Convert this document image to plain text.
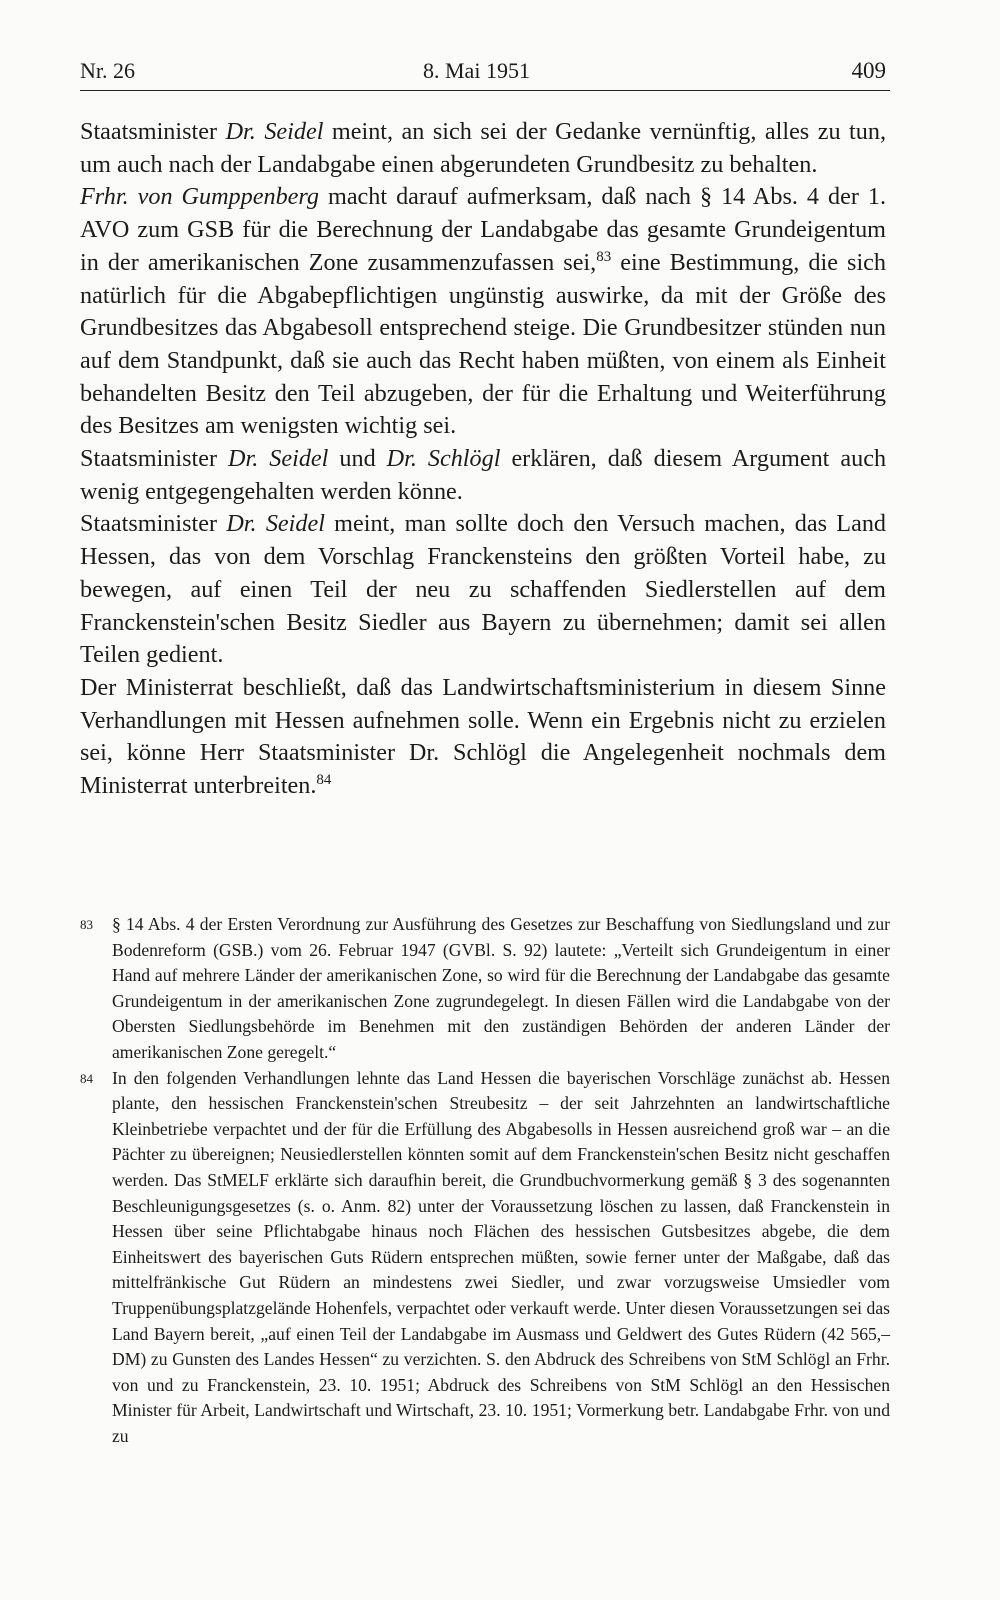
Nr. 26	8. Mai 1951	409

Staatsminister Dr. Seidel meint, an sich sei der Gedanke vernünftig, alles zu tun, um auch nach der Landabgabe einen abgerundeten Grundbesitz zu behalten.

Frhr. von Gumppenberg macht darauf aufmerksam, daß nach § 14 Abs. 4 der 1. AVO zum GSB für die Berechnung der Landabgabe das gesamte Grundeigentum in der amerikanischen Zone zusammenzufassen sei,$^{83}$ eine Bestimmung, die sich natürlich für die Abgabepflichtigen ungünstig auswirke, da mit der Größe des Grundbesitzes das Abgabesoll entsprechend steige. Die Grundbesitzer stünden nun auf dem Standpunkt, daß sie auch das Recht haben müßten, von einem als Einheit behandelten Besitz den Teil abzugeben, der für die Erhaltung und Weiterführung des Besitzes am wenigsten wichtig sei.

Staatsminister Dr. Seidel und Dr. Schlögl erklären, daß diesem Argument auch wenig entgegengehalten werden könne.

Staatsminister Dr. Seidel meint, man sollte doch den Versuch machen, das Land Hessen, das von dem Vorschlag Franckensteins den größten Vorteil habe, zu bewegen, auf einen Teil der neu zu schaffenden Siedlerstellen auf dem Franckenstein'schen Besitz Siedler aus Bayern zu übernehmen; damit sei allen Teilen gedient.

Der Ministerrat beschließt, daß das Landwirtschaftsministerium in diesem Sinne Verhandlungen mit Hessen aufnehmen solle. Wenn ein Ergebnis nicht zu erzielen sei, könne Herr Staatsminister Dr. Schlögl die Angelegenheit nochmals dem Ministerrat unterbreiten.$^{84}$

83 § 14 Abs. 4 der Ersten Verordnung zur Ausführung des Gesetzes zur Beschaffung von Siedlungsland und zur Bodenreform (GSB.) vom 26. Februar 1947 (GVBl. S. 92) lautete: „Verteilt sich Grundeigentum in einer Hand auf mehrere Länder der amerikanischen Zone, so wird für die Berechnung der Landabgabe das gesamte Grundeigentum in der amerikanischen Zone zugrundegelegt. In diesen Fällen wird die Landabgabe von der Obersten Siedlungsbehörde im Benehmen mit den zuständigen Behörden der anderen Länder der amerikanischen Zone geregelt.“

84 In den folgenden Verhandlungen lehnte das Land Hessen die bayerischen Vorschläge zunächst ab. Hessen plante, den hessischen Franckenstein'schen Streubesitz – der seit Jahrzehnten an landwirtschaftliche Kleinbetriebe verpachtet und der für die Erfüllung des Abgabesolls in Hessen ausreichend groß war – an die Pächter zu übereignen; Neusiedlerstellen könnten somit auf dem Franckenstein'schen Besitz nicht geschaffen werden. Das StMELF erklärte sich daraufhin bereit, die Grundbuchvormerkung gemäß § 3 des sogenannten Beschleunigungsgesetzes (s. o. Anm. 82) unter der Voraussetzung löschen zu lassen, daß Franckenstein in Hessen über seine Pflichtabgabe hinaus noch Flächen des hessischen Gutsbesitzes abgebe, die dem Einheitswert des bayerischen Guts Rüdern entsprechen müßten, sowie ferner unter der Maßgabe, daß das mittelfränkische Gut Rüdern an mindestens zwei Siedler, und zwar vorzugsweise Umsiedler vom Truppenübungsplatzgelände Hohenfels, verpachtet oder verkauft werde. Unter diesen Voraussetzungen sei das Land Bayern bereit, „auf einen Teil der Landabgabe im Ausmass und Geldwert des Gutes Rüdern (42 565,– DM) zu Gunsten des Landes Hessen“ zu verzichten. S. den Abdruck des Schreibens von StM Schlögl an Frhr. von und zu Franckenstein, 23. 10. 1951; Abdruck des Schreibens von StM Schlögl an den Hessischen Minister für Arbeit, Landwirtschaft und Wirtschaft, 23. 10. 1951; Vormerkung betr. Landabgabe Frhr. von und zu
